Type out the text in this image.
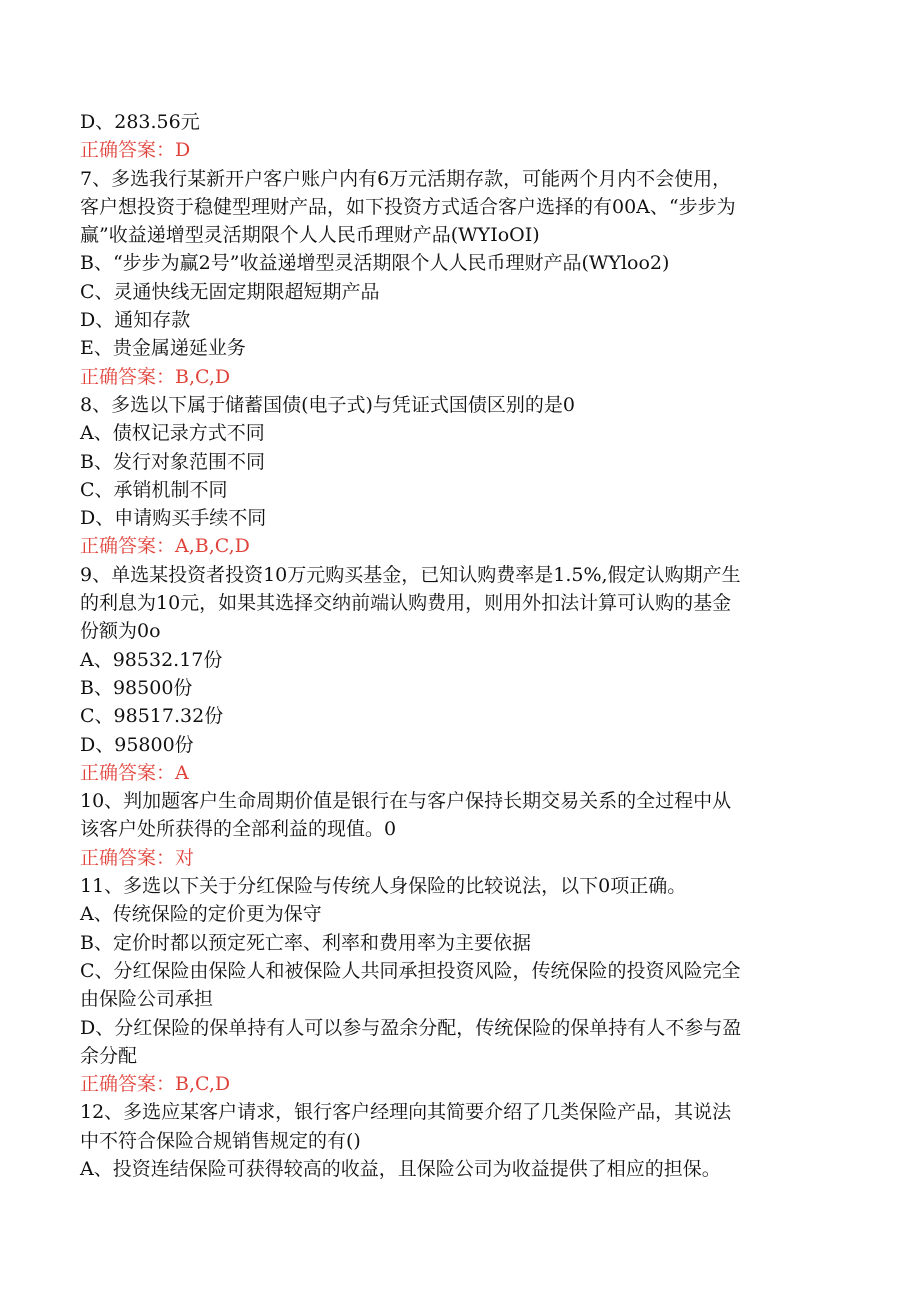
D、283.56元
正确答案：D
7、多选我行某新开户客户账户内有6万元活期存款，可能两个月内不会使用，
客户想投资于稳健型理财产品，如下投资方式适合客户选择的有00A、“步步为
赢”收益递增型灵活期限个人人民币理财产品(WYIoOI)
B、“步步为赢2号”收益递增型灵活期限个人人民币理财产品(WYloo2)
C、灵通快线无固定期限超短期产品
D、通知存款
E、贵金属递延业务
正确答案：B,C,D
8、多选以下属于储蓄国债(电子式)与凭证式国债区别的是0
A、债权记录方式不同
B、发行对象范围不同
C、承销机制不同
D、申请购买手续不同
正确答案：A,B,C,D
9、单选某投资者投资10万元购买基金，已知认购费率是1.5%,假定认购期产生
的利息为10元，如果其选择交纳前端认购费用，则用外扣法计算可认购的基金
份额为0o
A、98532.17份
B、98500份
C、98517.32份
D、95800份
正确答案：A
10、判加题客户生命周期价值是银行在与客户保持长期交易关系的全过程中从
该客户处所获得的全部利益的现值。0
正确答案：对
11、多选以下关于分红保险与传统人身保险的比较说法，以下0项正确。
A、传统保险的定价更为保守
B、定价时都以预定死亡率、利率和费用率为主要依据
C、分红保险由保险人和被保险人共同承担投资风险，传统保险的投资风险完全
由保险公司承担
D、分红保险的保单持有人可以参与盈余分配，传统保险的保单持有人不参与盈
余分配
正确答案：B,C,D
12、多选应某客户请求，银行客户经理向其简要介绍了几类保险产品，其说法
中不符合保险合规销售规定的有()
A、投资连结保险可获得较高的收益，且保险公司为收益提供了相应的担保。
